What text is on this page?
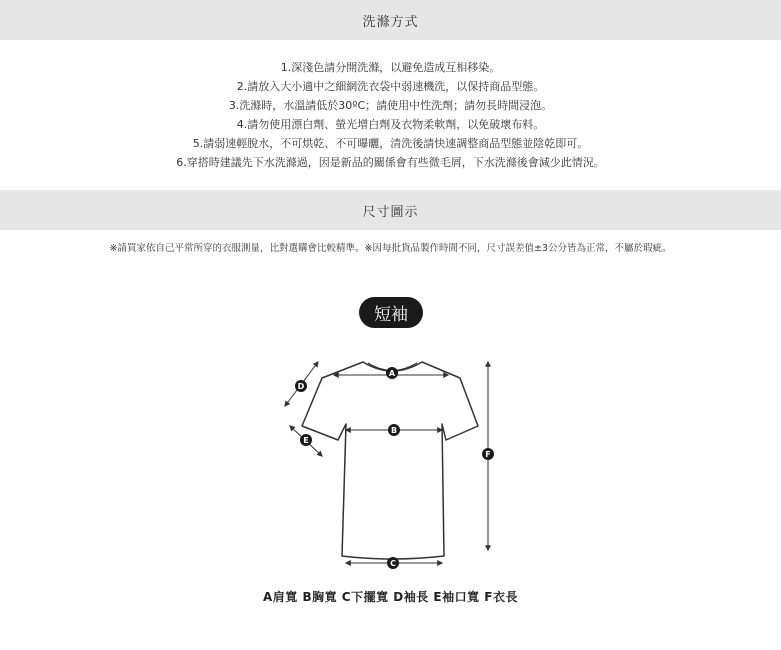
洗滌方式
1.深淺色請分開洗滌，以避免造成互相移染。
2.請放入大小適中之細網洗衣袋中弱速機洗，以保持商品型態。
3.洗滌時，水溫請低於30ºC；請使用中性洗劑；請勿長時間浸泡。
4.請勿使用漂白劑、螢光增白劑及衣物柔軟劑，以免破壞布料。
5.請弱速輕脫水，不可烘乾、不可曝曬，清洗後請快速調整商品型態並陰乾即可。
6.穿搭時建議先下水洗滌過，因是新品的關係會有些微毛屑，下水洗滌後會減少此情況。
尺寸圖示
※請買家依自己平常所穿的衣服測量，比對選購會比較精準。※因每批貨品製作時間不同，尺寸誤差值±3公分皆為正常，不屬於瑕疵。
短袖
A
B
C
D
E
F
A肩寬 B胸寬 C下擺寬 D袖長 E袖口寬 F衣長
